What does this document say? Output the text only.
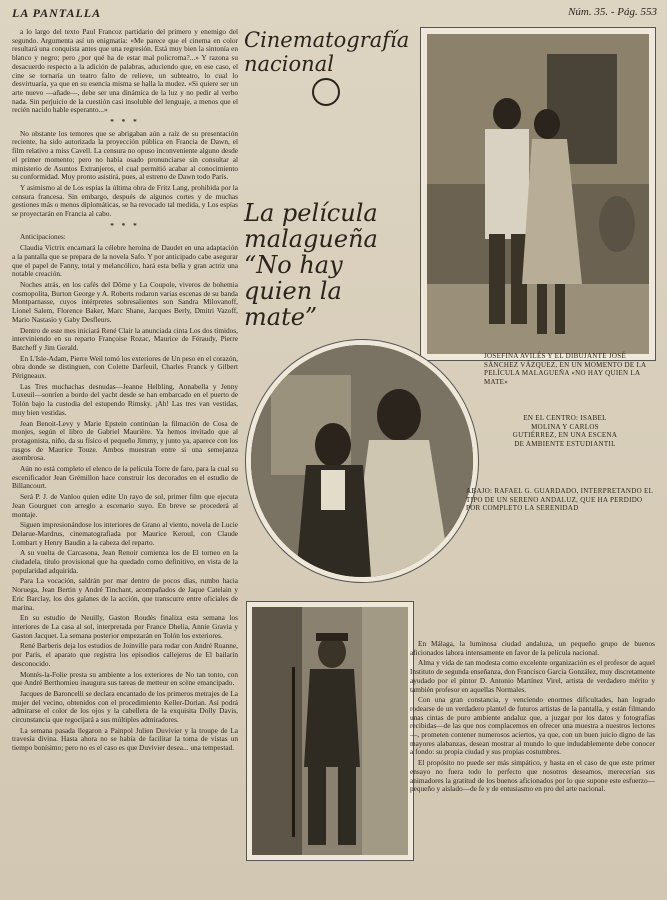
LA PANTALLA	Núm. 35. - Pág. 553

a lo largo del texto Paul Francoz partidario del primero y enemigo del segundo. Argumenta así un enigmatia: «Me parece que el cinema en color resultará una conquista antes que una regresión. Está muy bien la sintonía en blanco y negro; pero ¿por qué ha de estar mal policroma?...» Y razona su desacuerdo respecto a la adición de palabras, aduciendo que, en ese caso, el cine se tornaría un teatro falto de relieve, un subteatro, lo cual lo desvirtuaría, ya que en su esencia misma se halla la mudez. «Si quiere ser un arte nuevo —añade—, debe ser una dinámica de la luz y no pedir al verbo nada. Sin perjuicio de la cuestión casi insoluble del lenguaje, a menos que el recién nacido hable esperanto...»

* * *

No obstante los temores que se abrigaban aún a raíz de su presentación reciente, ha sido autorizada la proyección pública en Francia de Dawn, el film relativo a miss Cavell. La censura no opuso inconveniente alguno desde el primer momento; pero no había osado pronunciarse sin consultar al ministerio de Asuntos Extranjeros, el cual permitió acabar al conocimiento su conformidad. Muy pronto asistirá, pues, al estreno de Dawn todo París.

Y asimismo al de Los espías la última obra de Fritz Lang, prohibida por la censura francesa. Sin embargo, después de algunos cortes y de muchas gestiones más o menos diplomáticas, se ha revocado tal medida, y Los espías se proyectarán en Francia al cabo.

* * *

Anticipaciones:

Claudia Victrix encarnará la célebre heroína de Daudet en una adaptación a la pantalla que se prepara de la novela Safo. Y por anticipado cabe asegurar que el papel de Fanny, total y melancólico, hará esta bella y gran actriz una notable creación.

Noches atrás, en los cafés del Dôme y La Coupole, viveros de bohemia cosmopolita, Burton George y A. Roberts rodaron varias escenas de su banda Montparnasse, cuyos intérpretes sobresalientes son Sandra Milovanoff, Lionel Salem, Florence Baker, Marc Shane, Jacques Berly, Dmitri Vazoff, Mario Nastasio y Gaby Desfleurs.

Dentro de este mes iniciará René Clair la anunciada cinta Los dos tímidos, interviniendo en su reparto Françoise Rozac, Maurice de Féraudy, Pierre Batcheff y Jim Gerald.

En L'Isle-Adam, Pierre Weil tomó los exteriores de Un peso en el corazón, obra donde se distinguen, con Colette Darfeuil, Charles Franck y Gilbert Périgneaux.

Las Tres muchachas desnudas—Jeanne Helbling, Annabella y Jenny Luxeuil—sonríen a bordo del yacht desde se han embarcado en el puerto de Tolón bajo la custodia del estupendo Rimsky. ¡Ah! Las tres van vestidas, muy bien vestidas.

Jean Benoit-Levy y Marie Epstein continúan la filmación de Cosa de monjes, según el libro de Gabriel Maurière. Ya hemos invitado que al protagonista, niño, da su físico el pequeño Jimmy, y junto ya, aparece con los rasgos de Maurice Touze. Ambos muestran entre sí una semejanza asombrosa.

Aún no está completo el elenco de la película Torre de faro, para la cual su escenificador Jean Grémillon hace construir los decorados en el estudio de Billancourt.

Será P. J. de Vanloo quien edite Un rayo de sol, primer film que ejecuta Jean Gourguet con arreglo a escenario suyo. En breve se procederá al montaje.

Siguen impresionándose los interiores de Grano al viento, novela de Lucie Delarue-Mardrus, cinematografiada por Maurice Keroul, con Claude Lombart y Henry Baudin a la cabeza del reparto.

A su vuelta de Carcasona, Jean Renoir comienza los de El torneo en la ciudadela, título provisional que ha quedado como definitivo, en vista de la popularidad adquirida.

Para La vocación, saldrán por mar dentro de pocos días, rumbo hacia Noruega, Jean Bertin y André Tinchant, acompañados de Jaque Catelain y Eric Barclay, los dos galanes de la acción, que transcurre entre oficiales de marina.

En su estudio de Neuilly, Gaston Roudès finaliza esta semana los interiores de La casa al sol, interpretada por France Dhelia, Annie Gravia y Gaston Jacquet. La semana posterior empezarán en Tolón los exteriores.

René Barberis deja los estudios de Joinville para rodar con André Roanne, por París, el aparato que registra los episodios callejeros de El bailarín desconocido.

Montés-la-Folie presta su ambiente a los exteriores de No tan tonto, con que André Berthomieu inaugura sus tareas de metteur en scène emancipado.

Jacques de Baroncelli se declara encantado de los primeros metrajes de La mujer del vecino, obtenidos con el procedimiento Keller-Dorian. Así podrá admirarse el color de los ojos y la cabellera de la exquisita Dolly Davis, circunstancia que regocijará a sus múltiples admiradores.

La semana pasada llegaron a Painpol Julien Duvivier y la troupe de La travesía divina. Hasta ahora no se había de facilitar la toma de vistas un tiempo bonísimo; pero no es el caso es que Duvivier desea... una tempestad.

Cinematografía nacional
La película malagueña “No hay quien la mate”
JOSEFINA AVILÉS Y EL DIBUJANTE JOSÉ SÁNCHEZ VÁZQUEZ, EN UN MOMENTO DE LA PELÍCULA MALAGUEÑA «NO HAY QUIEN LA MATE»
EN EL CENTRO: ISABEL MOLINA Y CARLOS GUTIÉRREZ, EN UNA ESCENA DE AMBIENTE ESTUDIANTIL
ABAJO: RAFAEL G. GUARDADO, INTERPRETANDO EL TIPO DE UN SERENO ANDALUZ, QUE HA PERDIDO POR COMPLETO LA SERENIDAD

En Málaga, la luminosa ciudad andaluza, un pequeño grupo de buenos aficionados labora intensamente en favor de la película nacional.

Alma y vida de tan modesta como excelente organización es el profesor de aquel Instituto de segunda enseñanza, don Francisco García González, muy discretamente ayudado por el pintor D. Antonio Martínez Virel, artista de verdadero mérito y también profesor en aquellas Normales.

Con una gran constancia, y venciendo enormes dificultades, han logrado rodearse de un verdadero plantel de futuros artistas de la pantalla, y están filmando unas cintas de puro ambiente andaluz que, a juzgar por los datos y fotografías recibidas—de las que nos complacemos en ofrecer una muestra a nuestros lectores—, prometen contener numerosos aciertos, ya que, con un buen juicio digno de las mayores alabanzas, desean mostrar al mundo lo que indudablemente debe conocer a fondo: su propia ciudad y sus propias costumbres.

El propósito no puede ser más simpático, y hasta en el caso de que este primer ensayo no fuera todo lo perfecto que nosotros deseamos, merecerían sus animadores la gratitud de los buenos aficionados por lo que supone este esfuerzo—pequeño y aislado—de fe y de entusiasmo en pro del arte nacional.
